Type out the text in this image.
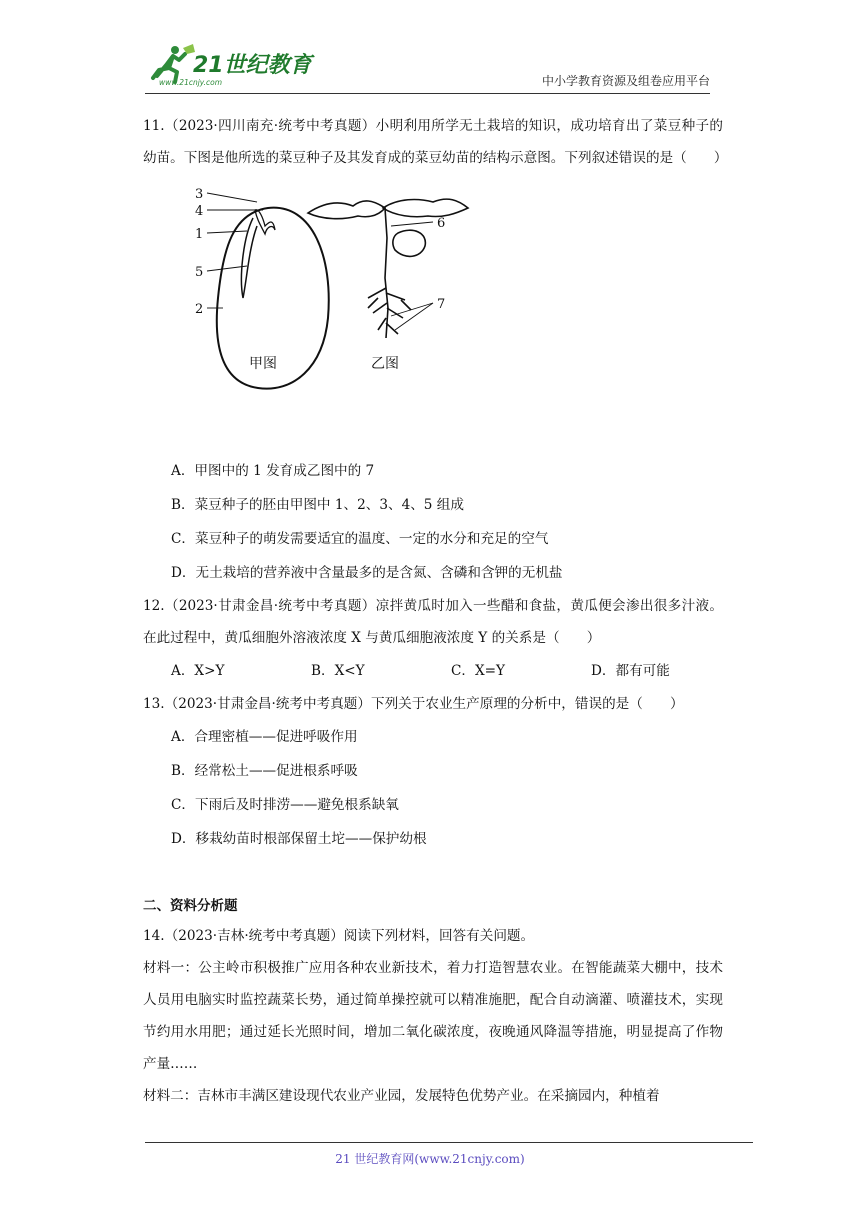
21世纪教育
www.21cnjy.com	中小学教育资源及组卷应用平台

11.（2023·四川南充·统考中考真题）小明利用所学无土栽培的知识，成功培育出了菜豆种子的幼苗。下图是他所选的菜豆种子及其发育成的菜豆幼苗的结构示意图。下列叙述错误的是（　　）

3
4
1
5
2
甲图
6
7
乙图

A．甲图中的 1 发育成乙图中的 7

B．菜豆种子的胚由甲图中 1、2、3、4、5 组成

C．菜豆种子的萌发需要适宜的温度、一定的水分和充足的空气

D．无土栽培的营养液中含量最多的是含氮、含磷和含钾的无机盐

12.（2023·甘肃金昌·统考中考真题）凉拌黄瓜时加入一些醋和食盐，黄瓜便会渗出很多汁液。在此过程中，黄瓜细胞外溶液浓度 X 与黄瓜细胞液浓度 Y 的关系是（　　）

A．X>Y	B．X<Y	C．X=Y	D．都有可能

13.（2023·甘肃金昌·统考中考真题）下列关于农业生产原理的分析中，错误的是（　　）

A．合理密植——促进呼吸作用

B．经常松土——促进根系呼吸

C．下雨后及时排涝——避免根系缺氧

D．移栽幼苗时根部保留土坨——保护幼根

二、资料分析题

14.（2023·吉林·统考中考真题）阅读下列材料，回答有关问题。

材料一：公主岭市积极推广应用各种农业新技术，着力打造智慧农业。在智能蔬菜大棚中，技术人员用电脑实时监控蔬菜长势，通过简单操控就可以精准施肥，配合自动滴灌、喷灌技术，实现节约用水用肥；通过延长光照时间，增加二氧化碳浓度，夜晚通风降温等措施，明显提高了作物产量……

材料二：吉林市丰满区建设现代农业产业园，发展特色优势产业。在采摘园内，种植着

21 世纪教育网(www.21cnjy.com)
